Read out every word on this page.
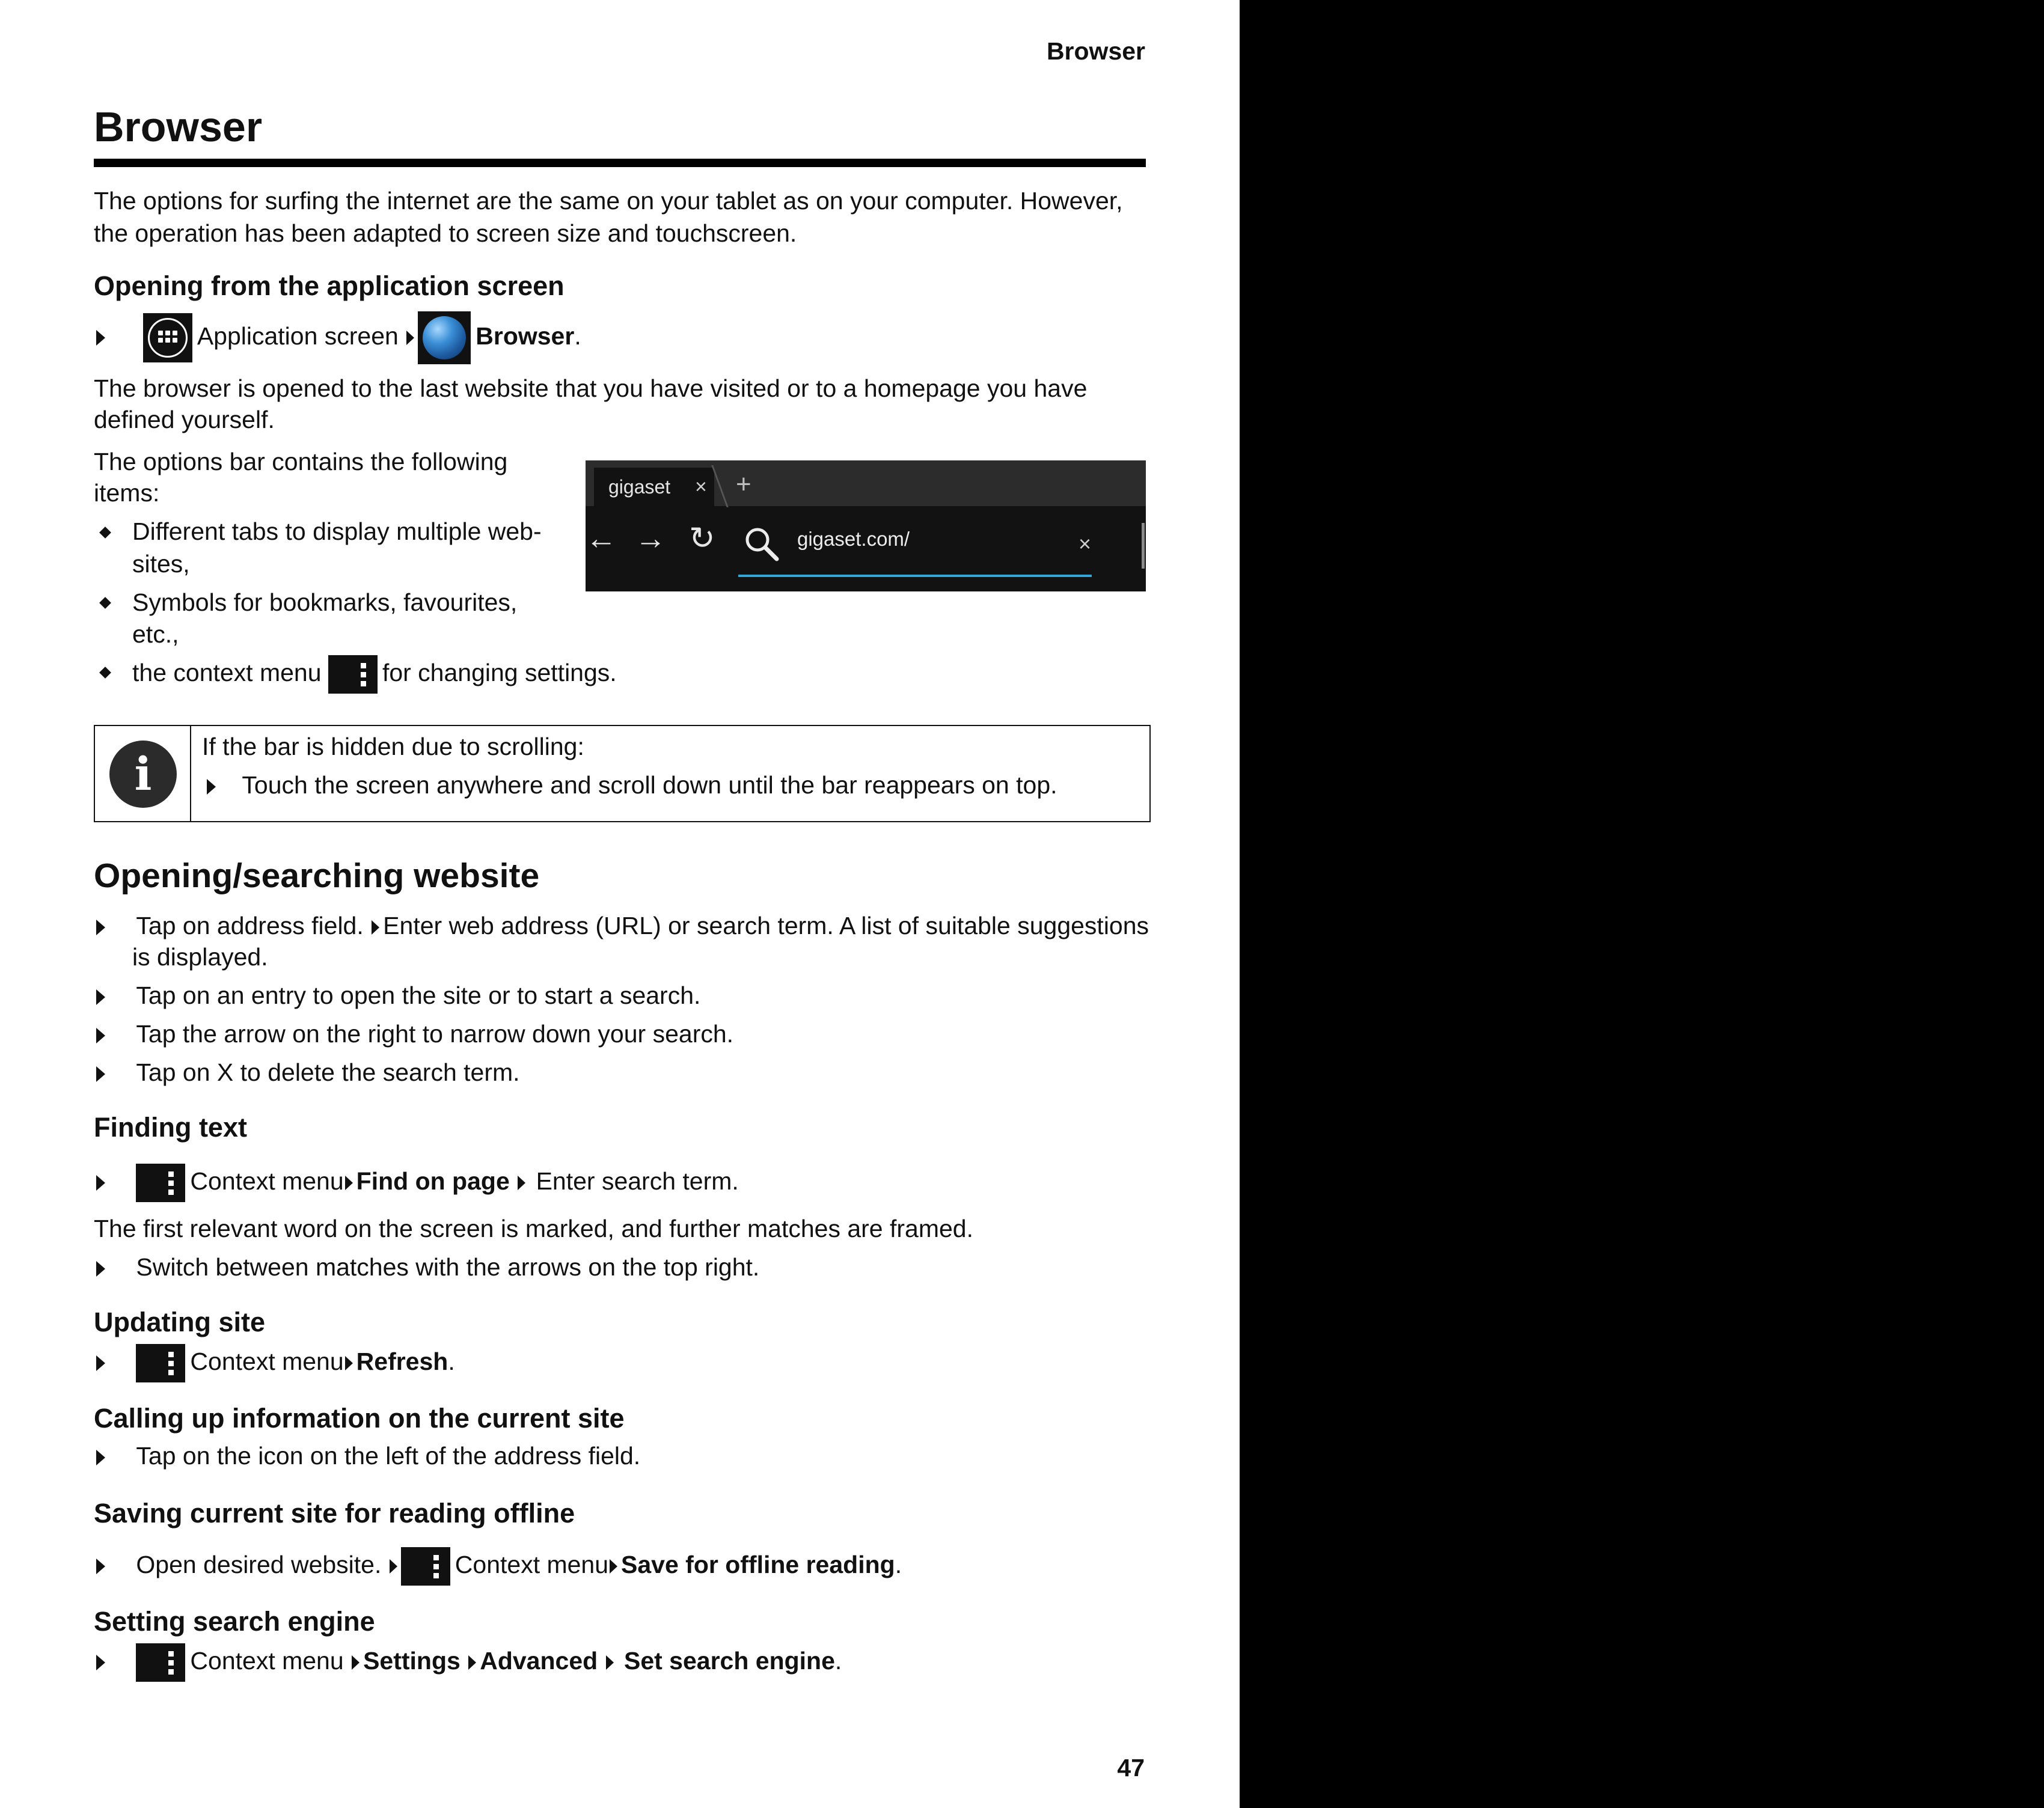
Browser
Browser
The options for surfing the internet are the same on your tablet as on your computer. However,
the operation has been adapted to screen size and touchscreen.
Opening from the application screen

Application screen	Browser.
The browser is opened to the last website that you have visited or to a homepage you have
defined yourself.
The options bar contains the following
items:
Different tabs to display multiple web-
sites,
Symbols for bookmarks, favourites,
etc.,
the context menu for changing settings.
gigaset × +
← → ↻	gigaset.com/	×
i
If the bar is hidden due to scrolling:
Touch the screen anywhere and scroll down until the bar reappears on top.
Opening/searching website
Tap on address field. Enter web address (URL) or search term. A list of suitable suggestions
is displayed.
Tap on an entry to open the site or to start a search.
Tap the arrow on the right to narrow down your search.
Tap on X to delete the search term.
Finding text

Context menu Find on page Enter search term.
The first relevant word on the screen is marked, and further matches are framed.
Switch between matches with the arrows on the top right.
Updating site

Context menu Refresh.
Calling up information on the current site
Tap on the icon on the left of the address field.
Saving current site for reading offline
Open desired website.	Context menu Save for offline reading.
Setting search engine

Context menu Settings Advanced Set search engine.
47
